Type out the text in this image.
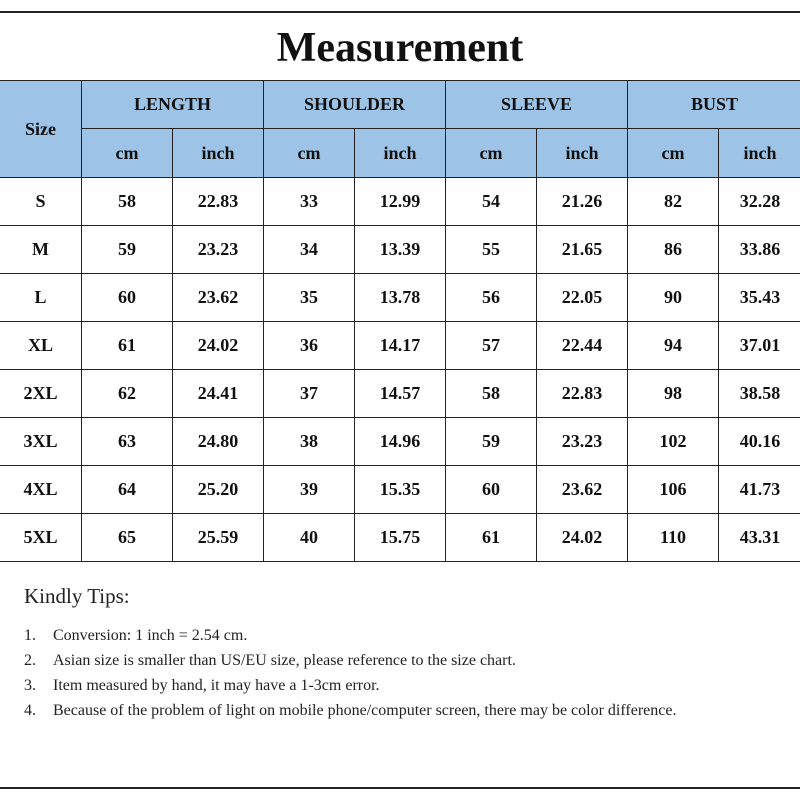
Measurement
Size	LENGTH		SHOULDER		SLEEVE		BUST	
	cm	inch	cm	inch	cm	inch	cm	inch
S	58	22.83	33	12.99	54	21.26	82	32.28
M	59	23.23	34	13.39	55	21.65	86	33.86
L	60	23.62	35	13.78	56	22.05	90	35.43
XL	61	24.02	36	14.17	57	22.44	94	37.01
2XL	62	24.41	37	14.57	58	22.83	98	38.58
3XL	63	24.80	38	14.96	59	23.23	102	40.16
4XL	64	25.20	39	15.35	60	23.62	106	41.73
5XL	65	25.59	40	15.75	61	24.02	110	43.31
Kindly Tips:
1.	Conversion: 1 inch = 2.54 cm.
2.	Asian size is smaller than US/EU size, please reference to the size chart.
3.	Item measured by hand, it may have a 1-3cm error.
4.	Because of the problem of light on mobile phone/computer screen, there may be color difference.
